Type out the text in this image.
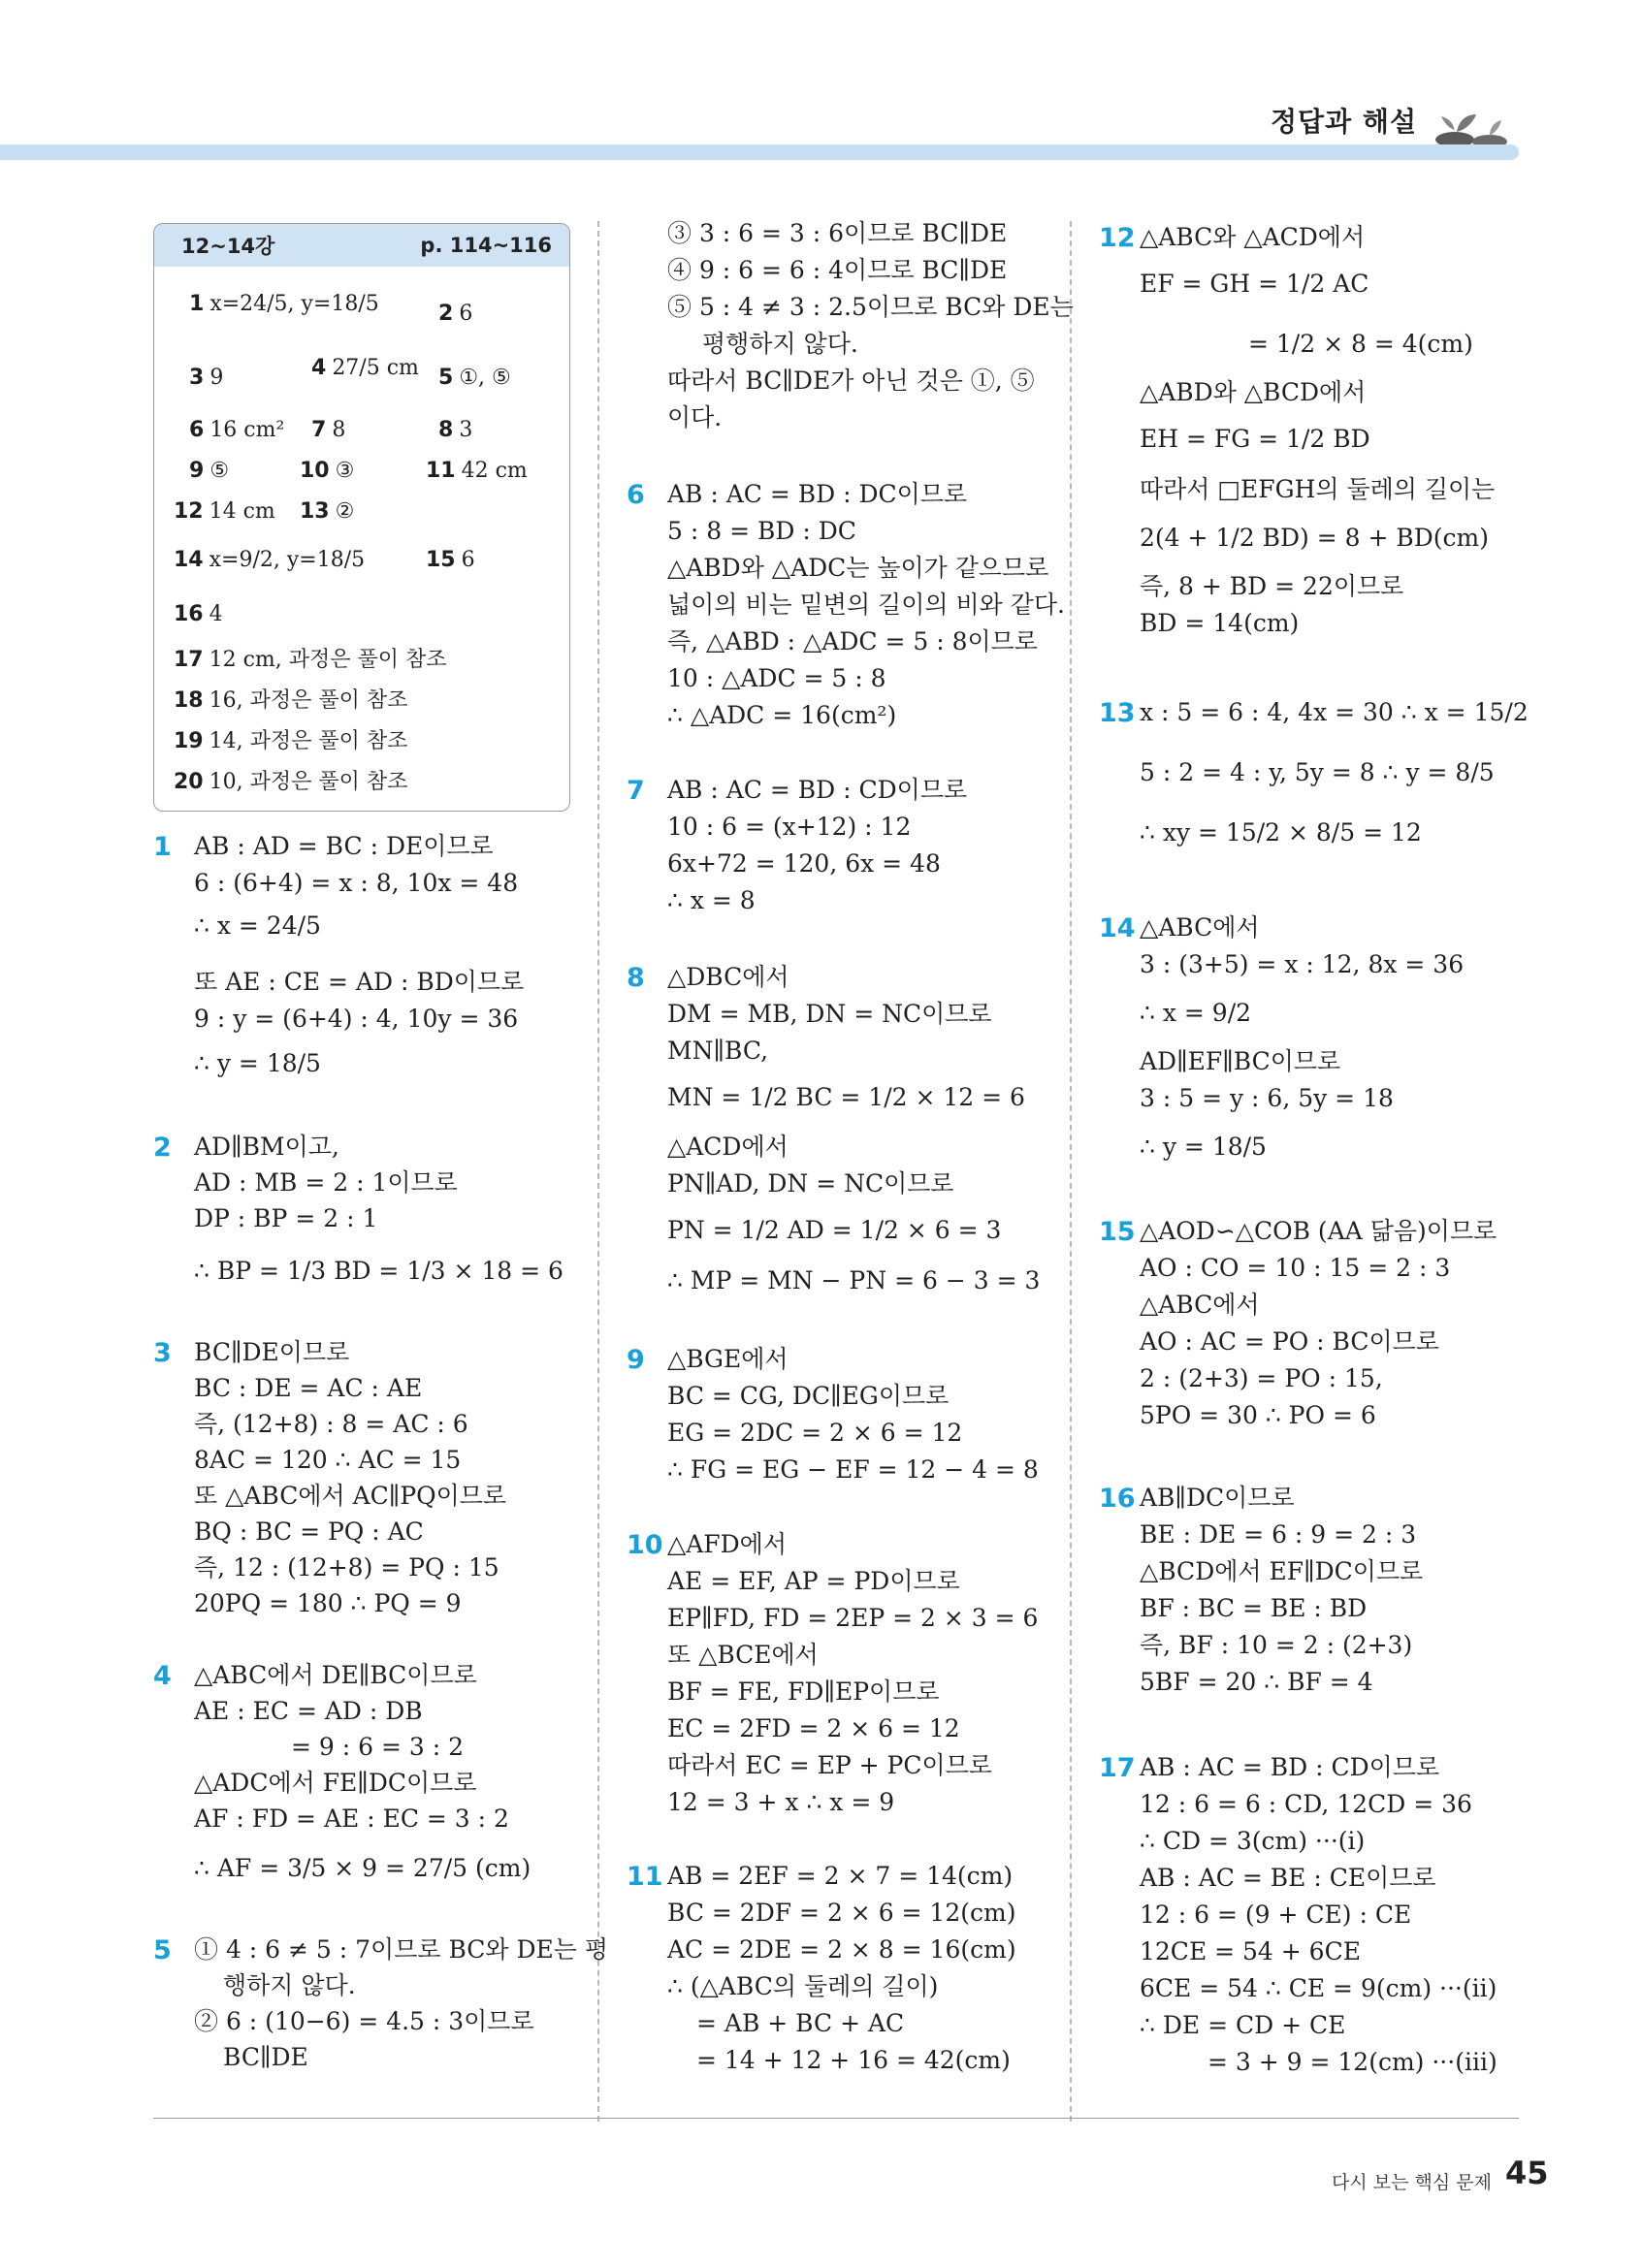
정답과 해설
12~14강	p. 114~116
1 x=24/5, y=18/5	2 6
3 9	4 27/5 cm 5 ①, ⑤
6 16 cm² 7 8	8 3
9 ⑤	10 ③	11 42 cm
12 14 cm 13 ②
14 x=9/2, y=18/5	15 6
16 4
17 12 cm, 과정은 풀이 참조
18 16, 과정은 풀이 참조
19 14, 과정은 풀이 참조
20 10, 과정은 풀이 참조
1
2
3
4
5
6
7
8
9
10
11
12
13
14
15
16
17
AB : AD = BC : DE이므로
6 : (6+4) = x : 8, 10x = 48
∴ x = 24/5
또 AE : CE = AD : BD이므로
9 : y = (6+4) : 4, 10y = 36
∴ y = 18/5
AD∥BM이고,
AD : MB = 2 : 1이므로
DP : BP = 2 : 1
∴ BP = 1/3 BD = 1/3 × 18 = 6
BC∥DE이므로
BC : DE = AC : AE
즉, (12+8) : 8 = AC : 6
8AC = 120 ∴ AC = 15
또 △ABC에서 AC∥PQ이므로
BQ : BC = PQ : AC
즉, 12 : (12+8) = PQ : 15
20PQ = 180 ∴ PQ = 9
△ABC에서 DE∥BC이므로
AE : EC = AD : DB
= 9 : 6 = 3 : 2
△ADC에서 FE∥DC이므로
AF : FD = AE : EC = 3 : 2
∴ AF = 3/5 × 9 = 27/5 (cm)
① 4 : 6 ≠ 5 : 7이므로 BC와 DE는 평
행하지 않다.
② 6 : (10−6) = 4.5 : 3이므로
BC∥DE
③ 3 : 6 = 3 : 6이므로 BC∥DE
④ 9 : 6 = 6 : 4이므로 BC∥DE
⑤ 5 : 4 ≠ 3 : 2.5이므로 BC와 DE는
평행하지 않다.
따라서 BC∥DE가 아닌 것은 ①, ⑤
이다.
AB : AC = BD : DC이므로
5 : 8 = BD : DC
△ABD와 △ADC는 높이가 같으므로
넓이의 비는 밑변의 길이의 비와 같다.
즉, △ABD : △ADC = 5 : 8이므로
10 : △ADC = 5 : 8
∴ △ADC = 16(cm²)
AB : AC = BD : CD이므로
10 : 6 = (x+12) : 12
6x+72 = 120, 6x = 48
∴ x = 8
△DBC에서
DM = MB, DN = NC이므로
MN∥BC,
MN = 1/2 BC = 1/2 × 12 = 6
△ACD에서
PN∥AD, DN = NC이므로
PN = 1/2 AD = 1/2 × 6 = 3
∴ MP = MN − PN = 6 − 3 = 3
△BGE에서
BC = CG, DC∥EG이므로
EG = 2DC = 2 × 6 = 12
∴ FG = EG − EF = 12 − 4 = 8
△AFD에서
AE = EF, AP = PD이므로
EP∥FD, FD = 2EP = 2 × 3 = 6
또 △BCE에서
BF = FE, FD∥EP이므로
EC = 2FD = 2 × 6 = 12
따라서 EC = EP + PC이므로
12 = 3 + x ∴ x = 9
AB = 2EF = 2 × 7 = 14(cm)
BC = 2DF = 2 × 6 = 12(cm)
AC = 2DE = 2 × 8 = 16(cm)
∴ (△ABC의 둘레의 길이)
= AB + BC + AC
= 14 + 12 + 16 = 42(cm)
△ABC와 △ACD에서
EF = GH = 1/2 AC
= 1/2 × 8 = 4(cm)
△ABD와 △BCD에서
EH = FG = 1/2 BD
따라서 □EFGH의 둘레의 길이는
2(4 + 1/2 BD) = 8 + BD(cm)
즉, 8 + BD = 22이므로
BD = 14(cm)
x : 5 = 6 : 4, 4x = 30 ∴ x = 15/2
5 : 2 = 4 : y, 5y = 8 ∴ y = 8/5
∴ xy = 15/2 × 8/5 = 12
△ABC에서
3 : (3+5) = x : 12, 8x = 36
∴ x = 9/2
AD∥EF∥BC이므로
3 : 5 = y : 6, 5y = 18
∴ y = 18/5
△AOD∽△COB (AA 닮음)이므로
AO : CO = 10 : 15 = 2 : 3
△ABC에서
AO : AC = PO : BC이므로
2 : (2+3) = PO : 15,
5PO = 30 ∴ PO = 6
AB∥DC이므로
BE : DE = 6 : 9 = 2 : 3
△BCD에서 EF∥DC이므로
BF : BC = BE : BD
즉, BF : 10 = 2 : (2+3)
5BF = 20 ∴ BF = 4
AB : AC = BD : CD이므로
12 : 6 = 6 : CD, 12CD = 36
∴ CD = 3(cm) ···(i)
AB : AC = BE : CE이므로
12 : 6 = (9 + CE) : CE
12CE = 54 + 6CE
6CE = 54 ∴ CE = 9(cm) ···(ii)
∴ DE = CD + CE
= 3 + 9 = 12(cm) ···(iii)
다시 보는 핵심 문제 45
